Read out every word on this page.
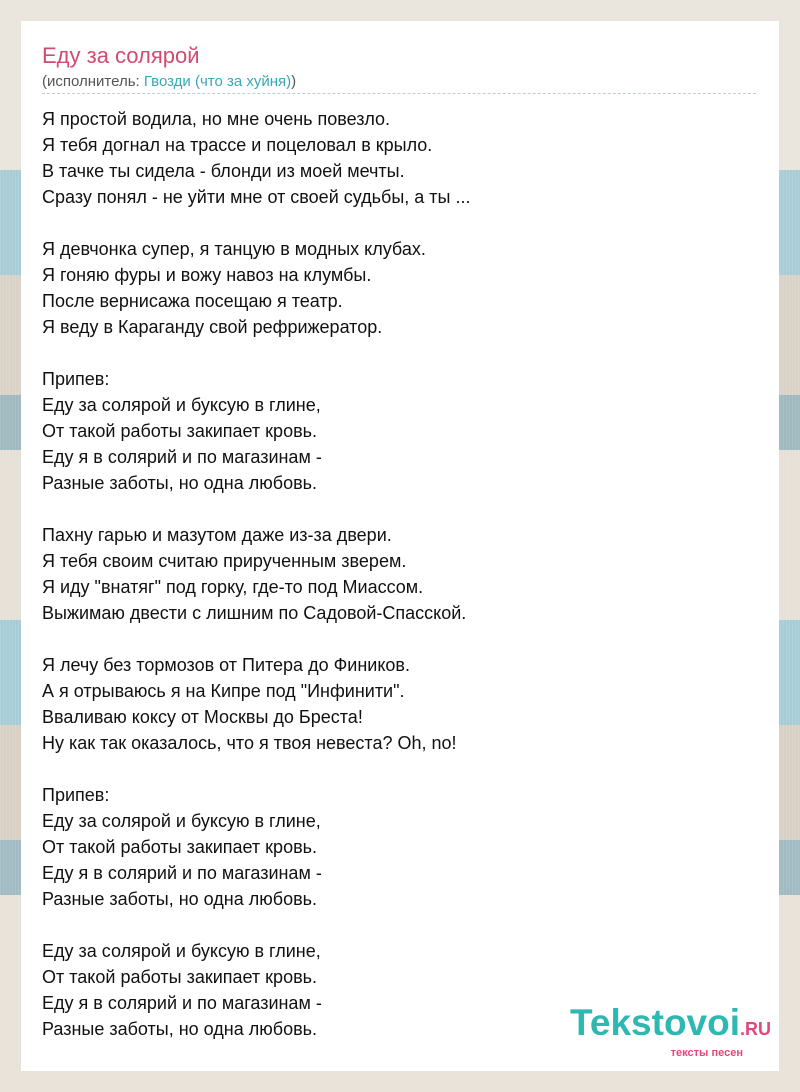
Еду за солярой
(исполнитель: Гвозди (что за хуйня))
Я простой водила, но мне очень повезло.
Я тебя догнал на трассе и поцеловал в крыло.
В тачке ты сидела - блонди из моей мечты.
Сразу понял - не уйти мне от своей судьбы, а ты ...
Я девчонка супер, я танцую в модных клубах.
Я гоняю фуры и вожу навоз на клумбы.
После вернисажа посещаю я театр.
Я веду в Караганду свой рефрижератор.
Припев:
Еду за солярой и буксую в глине,
От такой работы закипает кровь.
Еду я в солярий и по магазинам -
Разные заботы, но одна любовь.
Пахну гарью и мазутом даже из-за двери.
Я тебя своим считаю прирученным зверем.
Я иду "внатяг" под горку, где-то под Миассом.
Выжимаю двести с лишним по Садовой-Спасской.
Я лечу без тормозов от Питера до Фиников.
А я отрываюсь я на Кипре под "Инфинити".
Вваливаю коксу от Москвы до Бреста!
Ну как так оказалось, что я твоя невеста? Oh, no!
Припев:
Еду за солярой и буксую в глине,
От такой работы закипает кровь.
Еду я в солярий и по магазинам -
Разные заботы, но одна любовь.
Еду за солярой и буксую в глине,
От такой работы закипает кровь.
Еду я в солярий и по магазинам -
Разные заботы, но одна любовь.	Tekstovoi.RU
тексты песен
